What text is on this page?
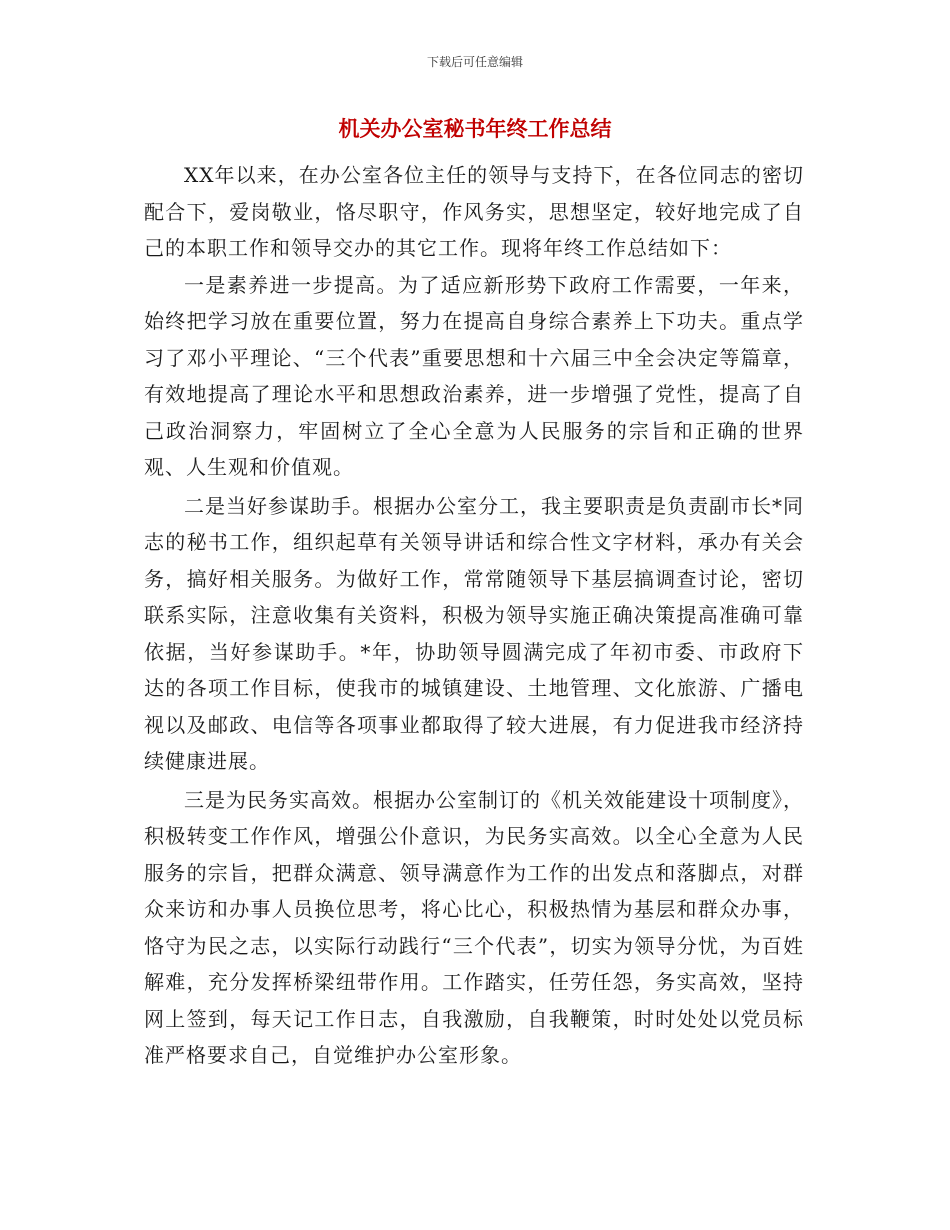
下载后可任意编辑
机关办公室秘书年终工作总结

XX年以来，在办公室各位主任的领导与支持下，在各位同志的密切配合下，爱岗敬业，恪尽职守，作风务实，思想坚定，较好地完成了自己的本职工作和领导交办的其它工作。现将年终工作总结如下：

一是素养进一步提高。为了适应新形势下政府工作需要，一年来，始终把学习放在重要位置，努力在提高自身综合素养上下功夫。重点学习了邓小平理论、“三个代表”重要思想和十六届三中全会决定等篇章，有效地提高了理论水平和思想政治素养，进一步增强了党性，提高了自己政治洞察力，牢固树立了全心全意为人民服务的宗旨和正确的世界观、人生观和价值观。

二是当好参谋助手。根据办公室分工，我主要职责是负责副市长*同志的秘书工作，组织起草有关领导讲话和综合性文字材料，承办有关会务，搞好相关服务。为做好工作，常常随领导下基层搞调查讨论，密切联系实际，注意收集有关资料，积极为领导实施正确决策提高准确可靠依据，当好参谋助手。*年，协助领导圆满完成了年初市委、市政府下达的各项工作目标，使我市的城镇建设、土地管理、文化旅游、广播电视以及邮政、电信等各项事业都取得了较大进展，有力促进我市经济持续健康进展。

三是为民务实高效。根据办公室制订的《机关效能建设十项制度》，积极转变工作作风，增强公仆意识，为民务实高效。以全心全意为人民服务的宗旨，把群众满意、领导满意作为工作的出发点和落脚点，对群众来访和办事人员换位思考，将心比心，积极热情为基层和群众办事，恪守为民之志，以实际行动践行“三个代表”，切实为领导分忧，为百姓解难，充分发挥桥梁纽带作用。工作踏实，任劳任怨，务实高效，坚持网上签到，每天记工作日志，自我激励，自我鞭策，时时处处以党员标准严格要求自己，自觉维护办公室形象。
